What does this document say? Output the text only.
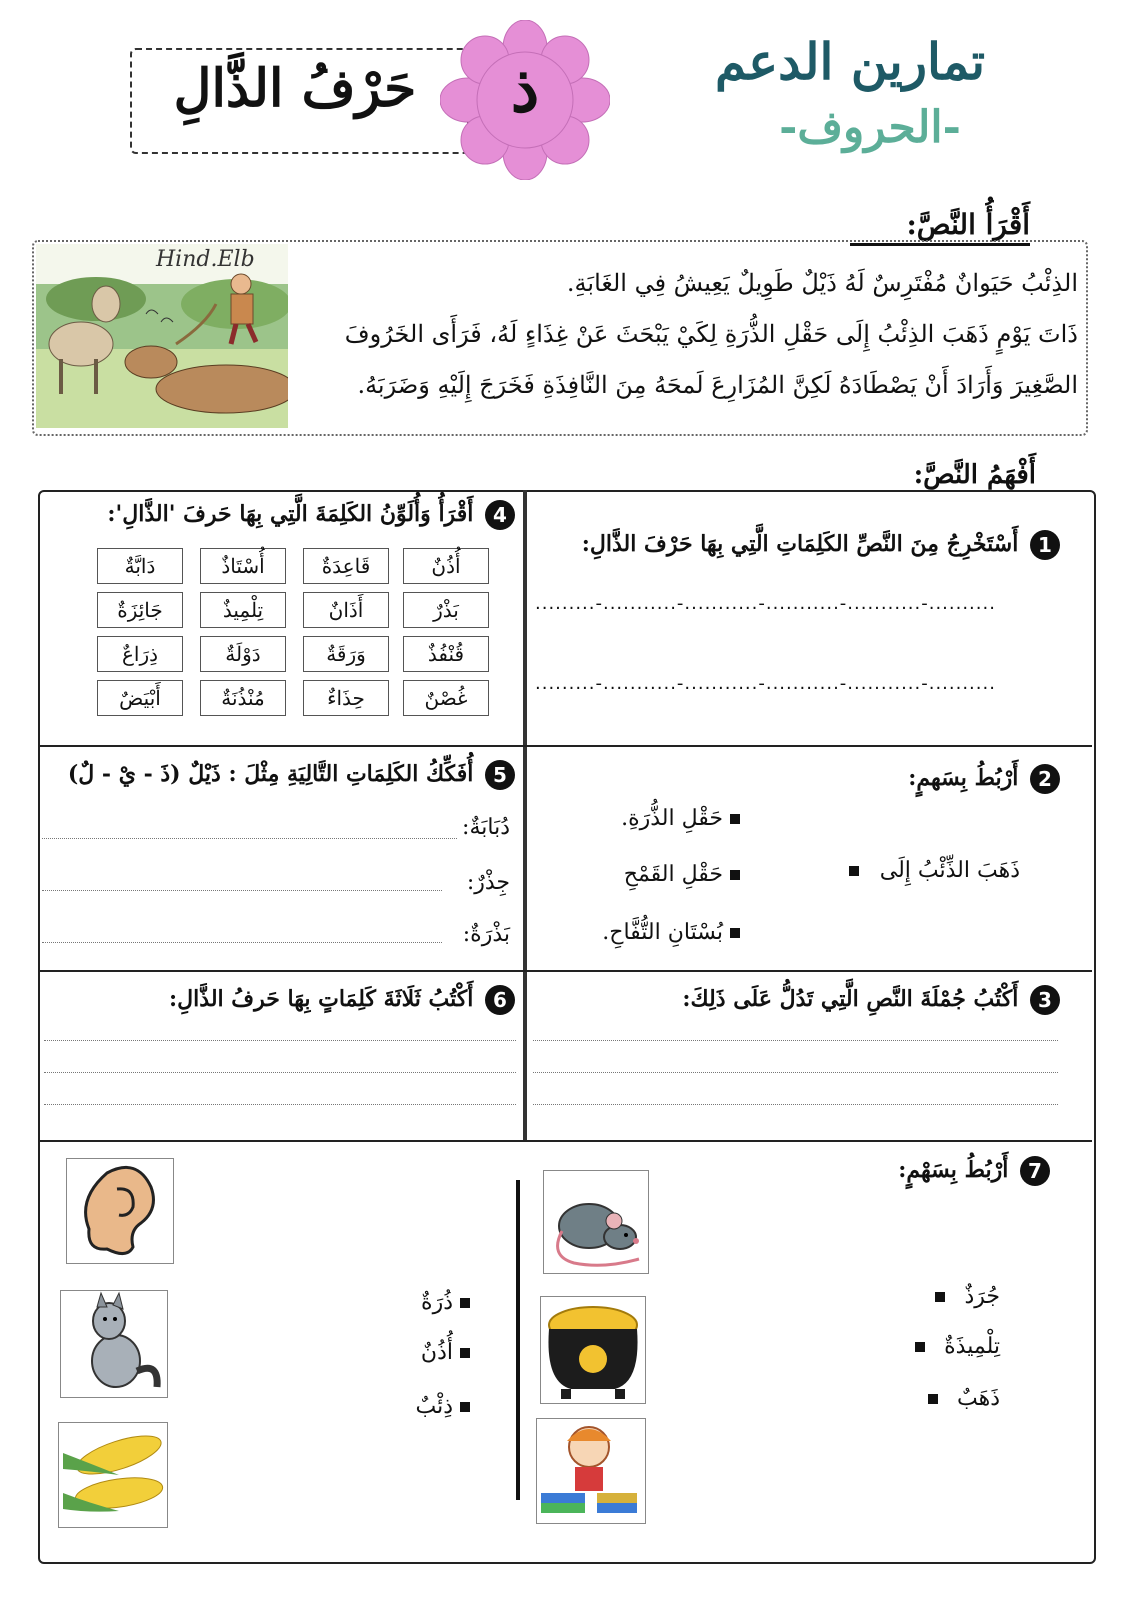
حَرْفُ الذَّالِ	ذ	تمارين الدعم
-الحروف-
أَقْرَأُ النَّصَّ:
Hind.Elb
الذِئْبُ حَيَوانٌ مُفْتَرِسٌ لَهُ ذَيْلٌ طَوِيلٌ يَعِيشُ فِي الغَابَةِ.
ذَاتَ يَوْمٍ ذَهَبَ الذِئْبُ إِلَى حَقْلِ الذُّرَةِ لِكَيْ يَبْحَثَ عَنْ غِذَاءٍ لَهُ، فَرَأَى الخَرُوفَ
الصَّغِيرَ وَأَرَادَ أَنْ يَصْطَادَهُ لَكِنَّ المُزَارِعَ لَمحَهُ مِنَ النَّافِذَةِ فَخَرَجَ إِلَيْهِ وَضَرَبَهُ.
أَفْهَمُ النَّصَّ:
1 أَسْتَخْرِجُ مِنَ النَّصِّ الكَلِمَاتِ الَّتِي بِهَا حَرْفَ الذَّالِ:
.........-...........-...........-...........-...........-..........
.........-...........-...........-...........-...........-..........
4 أَقْرَأُ وَأُلَوِّنُ الكَلِمَةَ الَّتِي بِهَا حَرفَ 'الذَّالِ':
أُذُنٌ
قَاعِدَةٌ
أُسْتَاذٌ
دَابَّةٌ
بَذْرٌ
أَذَانٌ
تِلْمِيذٌ
جَائِزَةٌ
قُنْفُذٌ
وَرَقَةٌ
دَوْلَةٌ
ذِرَاعٌ
غُصْنٌ
حِذَاءٌ
مُنْذُنَةٌ
أَبْيَضٌ
2 أَرْبُطُ بِسَهمٍ:
ذَهَبَ الذِّئْبُ إِلَى
حَقْلِ الذُّرَةِ.
حَقْلِ القَمْحِ
بُسْتَانِ التُّفَّاحِ.
5 أُفَكِّكُ الكَلِمَاتِ التَّالِيَةِ مِثْلَ : ذَيْلٌ (ذَ - يْ - لٌ)
دُبَابَةٌ:
جِذْرٌ:
بَذْرَةٌ:
3 أَكْتُبُ جُمْلَةَ النَّصِ الَّتِي تَدُلُّ عَلَى ذَلِكَ:
6 أَكْتُبُ ثَلَاثَةَ كَلِمَاتٍ بِهَا حَرفُ الذَّالِ:
7 أَرْبُطُ بِسَهْمٍ:
جُرَذٌ
تِلْمِيذَةٌ
ذَهَبٌ
ذُرَةٌ
أُذُنٌ
ذِئْبٌ
